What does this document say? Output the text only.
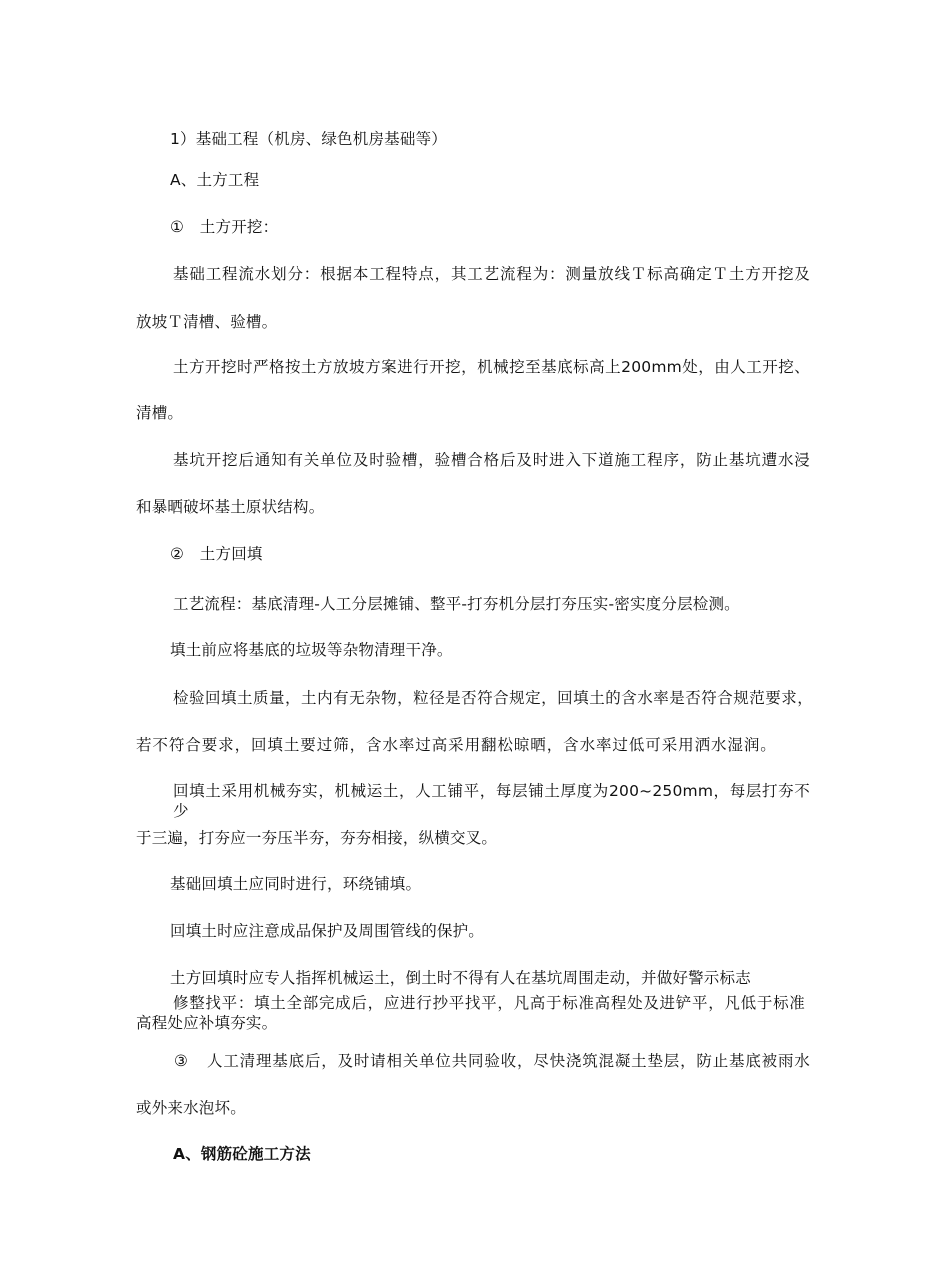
1）基础工程（机房、绿色机房基础等）
A、土方工程
①　土方开挖：
基础工程流水划分：根据本工程特点，其工艺流程为：测量放线Ｔ标高确定Ｔ土方开挖及
放坡Ｔ清槽、验槽。
土方开挖时严格按土方放坡方案进行开挖，机械挖至基底标高上200mm处，由人工开挖、
清槽。
基坑开挖后通知有关单位及时验槽，验槽合格后及时进入下道施工程序，防止基坑遭水浸
和暴晒破坏基土原状结构。
②　土方回填
工艺流程：基底清理-人工分层摊铺、整平-打夯机分层打夯压实-密实度分层检测。
填土前应将基底的垃圾等杂物清理干净。
检验回填土质量，土内有无杂物，粒径是否符合规定，回填土的含水率是否符合规范要求，
若不符合要求，回填土要过筛，含水率过高采用翻松晾晒，含水率过低可采用洒水湿润。
回填土采用机械夯实，机械运土，人工铺平，每层铺土厚度为200~250mm，每层打夯不少
于三遍，打夯应一夯压半夯，夯夯相接，纵横交叉。
基础回填土应同时进行，环绕铺填。
回填土时应注意成品保护及周围管线的保护。
土方回填时应专人指挥机械运土，倒土时不得有人在基坑周围走动，并做好警示标志
修整找平：填土全部完成后，应进行抄平找平，凡高于标准高程处及进铲平，凡低于标准
高程处应补填夯实。
③ 人工清理基底后，及时请相关单位共同验收，尽快浇筑混凝土垫层，防止基底被雨水
或外来水泡坏。
A、钢筋砼施工方法
